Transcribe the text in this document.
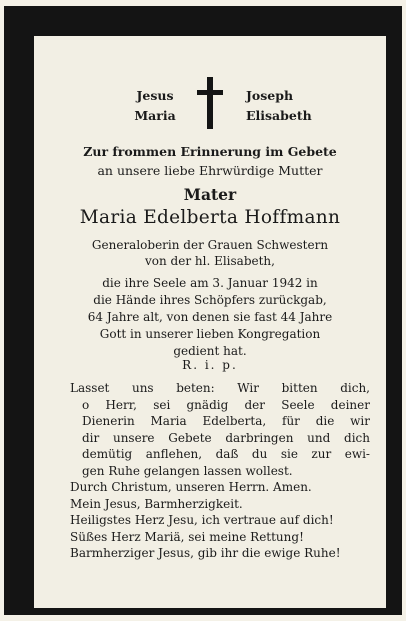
Jesus
Maria
Joseph
Elisabeth
Zur frommen Erinnerung im Gebete
an unsere liebe Ehrwürdige Mutter
Mater
Maria Edelberta Hoffmann
Generaloberin der Grauen Schwestern
von der hl. Elisabeth,
die ihre Seele am 3. Januar 1942 in
die Hände ihres Schöpfers zurückgab,
64 Jahre alt, von denen sie fast 44 Jahre
Gott in unserer lieben Kongregation
gedient hat.
R. i. p.

Lasset uns beten: Wir bitten dich,

o Herr, sei gnädig der Seele deiner

Dienerin Maria Edelberta, für die wir

dir unsere Gebete darbringen und dich

demütig anflehen, daß du sie zur ewi-

gen Ruhe gelangen lassen wollest.

Durch Christum, unseren Herrn. Amen.

Mein Jesus, Barmherzigkeit.

Heiligstes Herz Jesu, ich vertraue auf dich!

Süßes Herz Mariä, sei meine Rettung!

Barmherziger Jesus, gib ihr die ewige Ruhe!
